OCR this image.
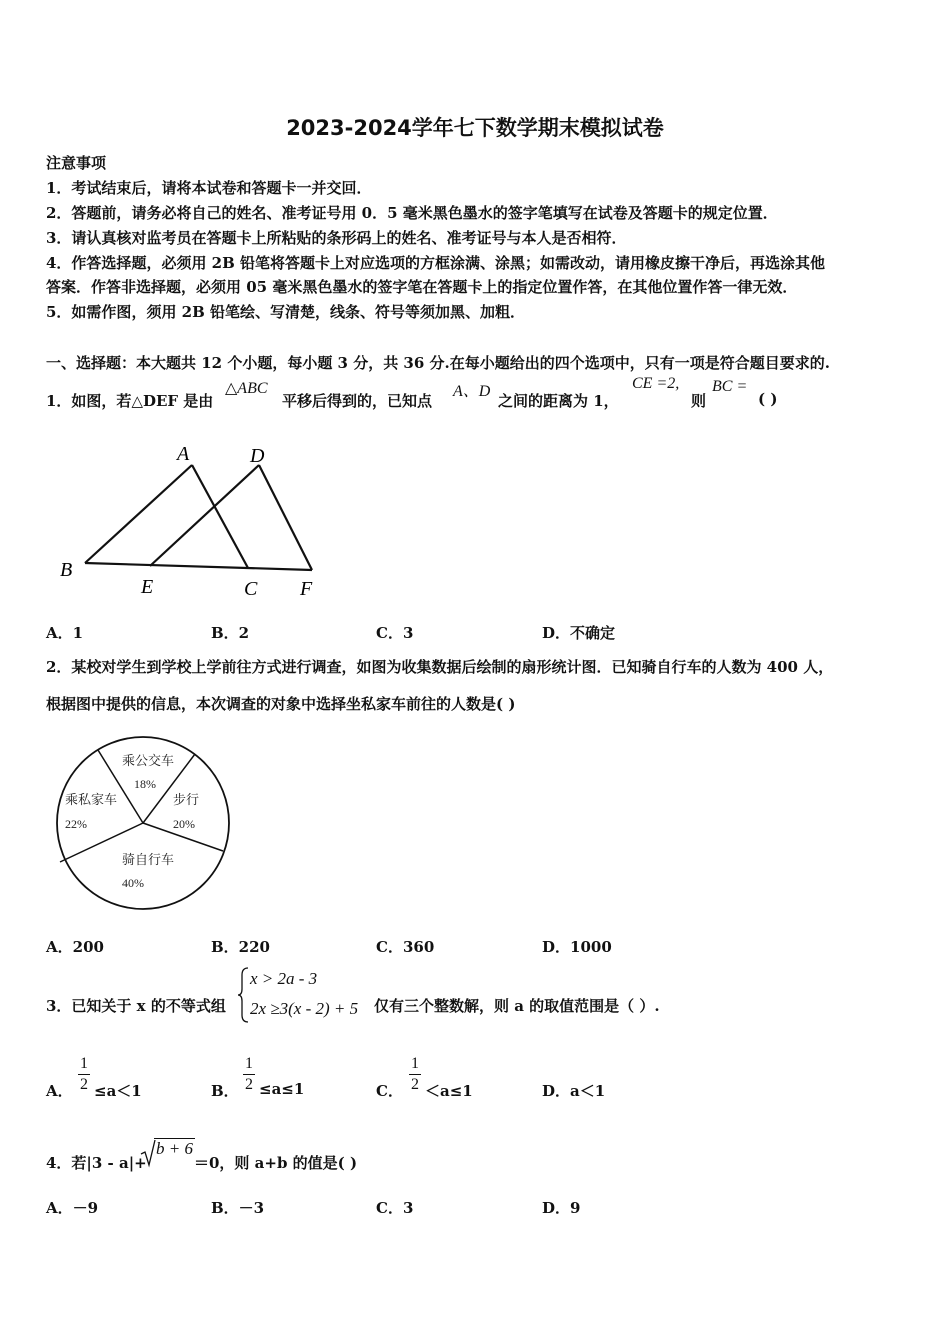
2023-2024学年七下数学期末模拟试卷
注意事项
1．考试结束后，请将本试卷和答题卡一并交回．
2．答题前，请务必将自己的姓名、准考证号用 0．5 毫米黑色墨水的签字笔填写在试卷及答题卡的规定位置．
3．请认真核对监考员在答题卡上所粘贴的条形码上的姓名、准考证号与本人是否相符．
4．作答选择题，必须用 2B 铅笔将答题卡上对应选项的方框涂满、涂黑；如需改动，请用橡皮擦干净后，再选涂其他
答案．作答非选择题，必须用 05 毫米黑色墨水的签字笔在答题卡上的指定位置作答，在其他位置作答一律无效．
5．如需作图，须用 2B 铅笔绘、写清楚，线条、符号等须加黑、加粗．
一、选择题：本大题共 12 个小题，每小题 3 分，共 36 分.在每小题给出的四个选项中，只有一项是符合题目要求的.
1．如图，若△DEF 是由
△ABC
平移后得到的，已知点
A、D
之间的距离为 1，
CE =2,
则
BC =
( )
A	D
B
E	C F
A．1	B．2	C．3	D．不确定
2．某校对学生到学校上学前往方式进行调查，如图为收集数据后绘制的扇形统计图．已知骑自行车的人数为 400 人，
根据图中提供的信息，本次调查的对象中选择坐私家车前往的人数是( )
乘公交车
18%
步行
20%
骑自行车
40%
乘私家车
22%
A．200	B．220	C．360	D．1000
3．已知关于 x 的不等式组
x > 2a - 3
2x ≥3(x - 2) + 5 仅有三个整数解，则 a 的取值范围是（ ）.
A．
1
2 ≤a＜1	B．
1
2 ≤a≤1	C．
1
2 ＜a≤1	D．a＜1
4．若|3 - a|+
b + 6
＝0，则 a+b 的值是( )
A．－9	B．－3	C．3	D．9
